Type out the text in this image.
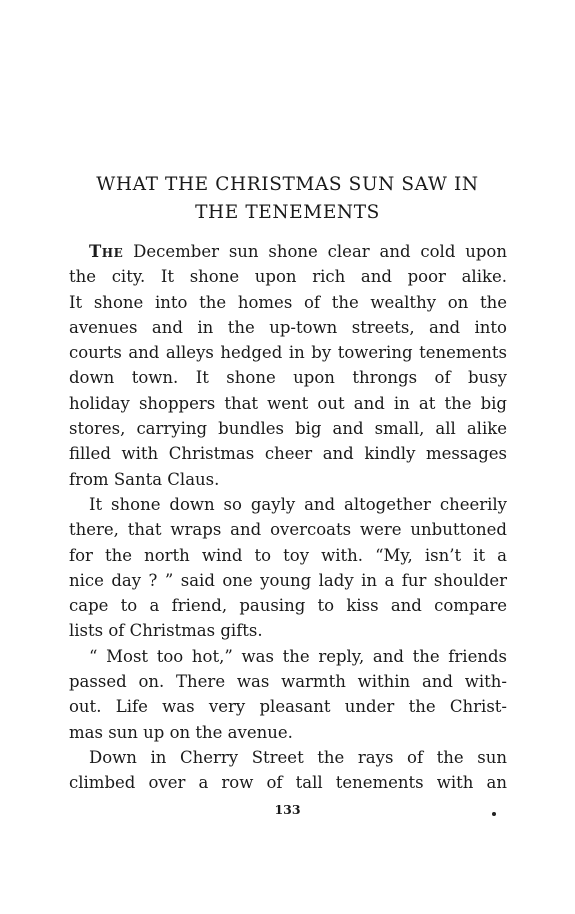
WHAT THE CHRISTMAS SUN SAW IN
THE TENEMENTS
The December sun shone clear and cold upon
the city. It shone upon rich and poor alike.
It shone into the homes of the wealthy on the
avenues and in the up-town streets, and into
courts and alleys hedged in by towering tenements
down town. It shone upon throngs of busy
holiday shoppers that went out and in at the big
stores, carrying bundles big and small, all alike
filled with Christmas cheer and kindly messages
from Santa Claus.
It shone down so gayly and altogether cheerily
there, that wraps and overcoats were unbuttoned
for the north wind to toy with. “My, isn’t it a
nice day ? ” said one young lady in a fur shoulder
cape to a friend, pausing to kiss and compare
lists of Christmas gifts.
“ Most too hot,” was the reply, and the friends
passed on. There was warmth within and with-
out. Life was very pleasant under the Christ-
mas sun up on the avenue.
Down in Cherry Street the rays of the sun
climbed over a row of tall tenements with an
133
